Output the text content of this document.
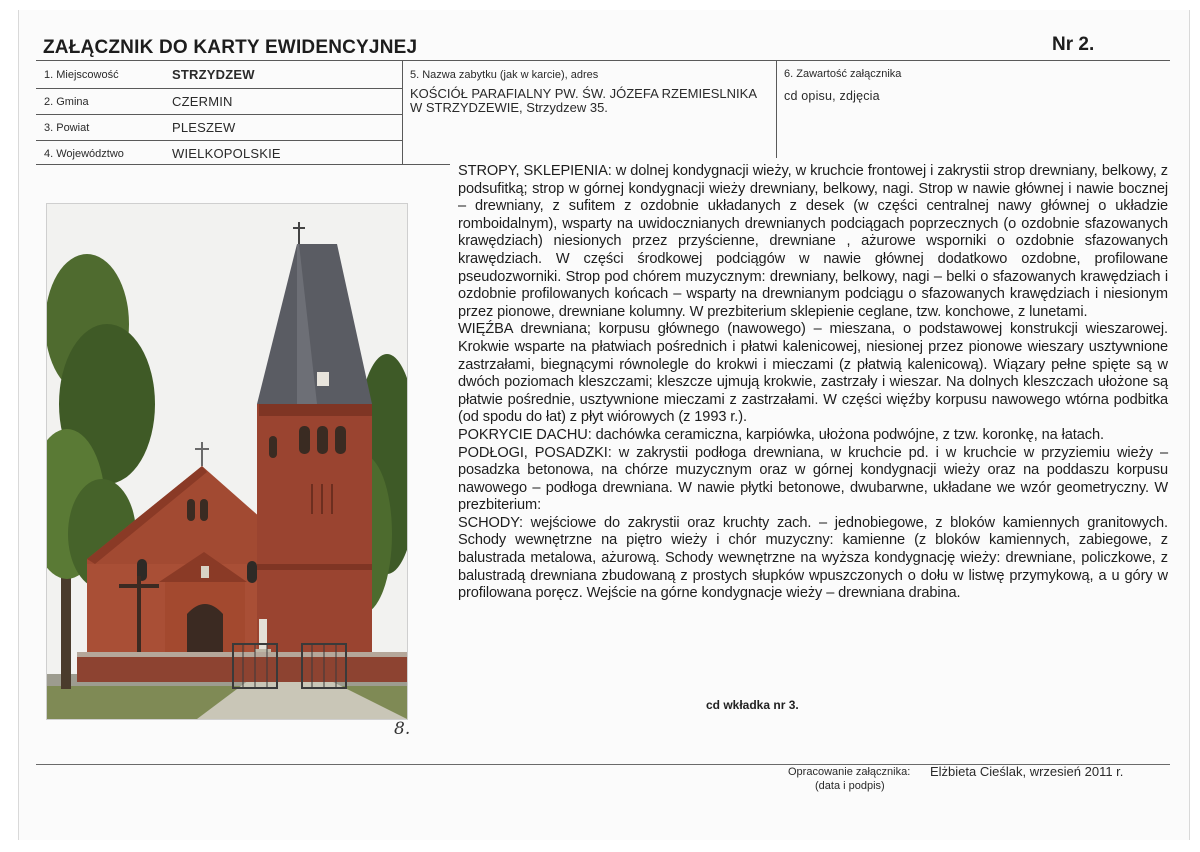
ZAŁĄCZNIK DO KARTY EWIDENCYJNEJ	Nr 2.
1. Miejscowość	STRZYDZEW
2. Gmina	CZERMIN
3. Powiat	PLESZEW
4. Województwo	WIELKOPOLSKIE
5. Nazwa zabytku (jak w karcie), adres
KOŚCIÓŁ PARAFIALNY PW. ŚW. JÓZEFA RZEMIESLNIKA W STRZYDZEWIE, Strzydzew 35.
6. Zawartość załącznika
cd opisu, zdjęcia
8.

STROPY, SKLEPIENIA: w dolnej kondygnacji wieży, w kruchcie frontowej i zakrystii strop drewniany, belkowy, z podsufitką; strop w górnej kondygnacji wieży drewniany, belkowy, nagi. Strop w nawie głównej i nawie bocznej – drewniany, z sufitem z ozdobnie układanych z desek (w części centralnej nawy głównej o układzie romboidalnym), wsparty na uwidocznianych drewnianych podciągach poprzecznych (o ozdobnie sfazowanych krawędziach) niesionych przez przyścienne, drewniane , ażurowe wsporniki o ozdobnie sfazowanych krawędziach. W części środkowej podciągów w nawie głównej dodatkowo ozdobne, profilowane pseudozworniki. Strop pod chórem muzycznym: drewniany, belkowy, nagi – belki o sfazowanych krawędziach i ozdobnie profilowanych końcach – wsparty na drewnianym podciągu o sfazowanych krawędziach i niesionym przez pionowe, drewniane kolumny. W prezbiterium sklepienie ceglane, tzw. konchowe, z lunetami.

WIĘŹBA drewniana; korpusu głównego (nawowego) – mieszana, o podstawowej konstrukcji wieszarowej. Krokwie wsparte na płatwiach pośrednich i płatwi kalenicowej, niesionej przez pionowe wieszary usztywnione zastrzałami, biegnącymi równolegle do krokwi i mieczami (z płatwią kalenicową). Wiązary pełne spięte są w dwóch poziomach kleszczami; kleszcze ujmują krokwie, zastrzały i wieszar. Na dolnych kleszczach ułożone są płatwie pośrednie, usztywnione mieczami z zastrzałami. W części więźby korpusu nawowego wtórna podbitka (od spodu do łat) z płyt wiórowych (z 1993 r.).

POKRYCIE DACHU: dachówka ceramiczna, karpiówka, ułożona podwójne, z tzw. koronkę, na łatach.

PODŁOGI, POSADZKI: w zakrystii podłoga drewniana, w kruchcie pd. i w kruchcie w przyziemiu wieży – posadzka betonowa, na chórze muzycznym oraz w górnej kondygnacji wieży oraz na poddaszu korpusu nawowego – podłoga drewniana. W nawie płytki betonowe, dwubarwne, układane we wzór geometryczny. W prezbiterium:

SCHODY: wejściowe do zakrystii oraz kruchty zach. – jednobiegowe, z bloków kamiennych granitowych. Schody wewnętrzne na piętro wieży i chór muzyczny: kamienne (z bloków kamiennych, zabiegowe, z balustrada metalowa, ażurową. Schody wewnętrzne na wyższa kondygnację wieży: drewniane, policzkowe, z balustradą drewniana zbudowaną z prostych słupków wpuszczonych o dołu w listwę przymykową, a u góry w profilowana poręcz. Wejście na górne kondygnacje wieży – drewniana drabina.

cd wkładka nr 3.
Opracowanie załącznika: Elżbieta Cieślak, wrzesień 2011 r.
(data i podpis)
